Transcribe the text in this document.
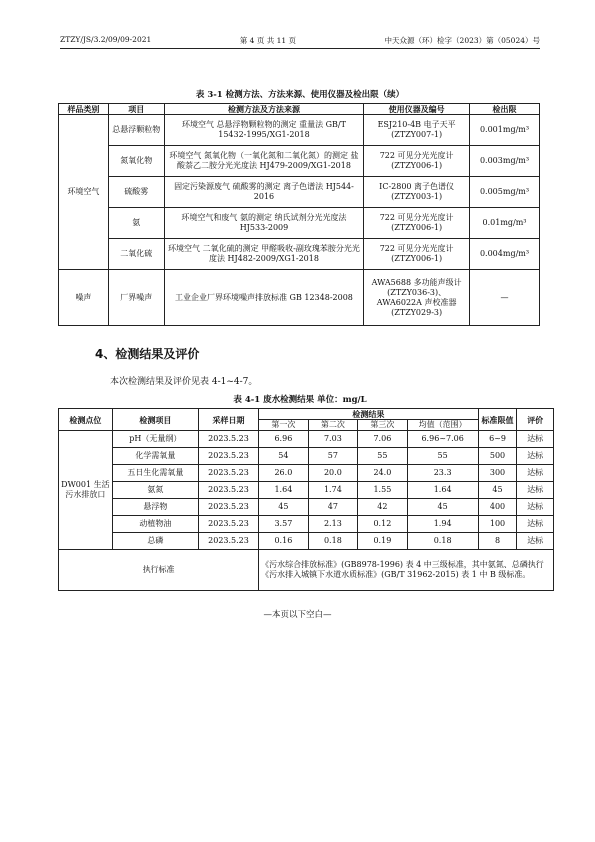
ZTZY/JS/3.2/09/09-2021	第 4 页 共 11 页	中天众源（环）检字（2023）第（05024）号
表 3-1 检测方法、方法来源、使用仪器及检出限（续）
样品类别	项目	检测方法及方法来源	使用仪器及编号	检出限
环境空气	总悬浮颗粒物	环境空气 总悬浮物颗粒物的测定 重量法 GB/T 15432-1995/XG1-2018	ESJ210-4B 电子天平 (ZTZY007-1)	0.001mg/m³
	氮氧化物	环境空气 氮氧化物（一氧化氮和二氧化氮）的测定 盐酸萘乙二胺分光光度法 HJ479-2009/XG1-2018	722 可见分光光度计 (ZTZY006-1)	0.003mg/m³
	硫酸雾	固定污染源废气 硫酸雾的测定 离子色谱法 HJ544-2016	IC-2800 离子色谱仪 (ZTZY003-1)	0.005mg/m³
	氨	环境空气和废气 氨的测定 纳氏试剂分光光度法 HJ533-2009	722 可见分光光度计 (ZTZY006-1)	0.01mg/m³
	二氧化硫	环境空气 二氧化硫的测定 甲醛吸收-副玫瑰苯胺分光光度法 HJ482-2009/XG1-2018	722 可见分光光度计 (ZTZY006-1)	0.004mg/m³
噪声	厂界噪声	工业企业厂界环境噪声排放标准 GB 12348-2008	AWA5688 多功能声级计 (ZTZY036-3)、AWA6022A 声校准器 (ZTZY029-3)	—
4、检测结果及评价
本次检测结果及评价见表 4-1~4-7。
表 4-1 废水检测结果 单位：mg/L
检测点位	检测项目	采样日期	检测结果				标准限值	评价
			第一次	第二次	第三次	均值（范围）		
DW001 生活污水排放口	pH（无量纲）	2023.5.23	6.96	7.03	7.06	6.96~7.06	6~9	达标
	化学需氧量	2023.5.23	54	57	55	55	500	达标
	五日生化需氧量	2023.5.23	26.0	20.0	24.0	23.3	300	达标
	氨氮	2023.5.23	1.64	1.74	1.55	1.64	45	达标
	悬浮物	2023.5.23	45	47	42	45	400	达标
	动植物油	2023.5.23	3.57	2.13	0.12	1.94	100	达标
	总磷	2023.5.23	0.16	0.18	0.19	0.18	8	达标
执行标准			《污水综合排放标准》(GB8978-1996) 表 4 中三级标准，其中氨氮、总磷执行《污水排入城镇下水道水质标准》(GB/T 31962-2015) 表 1 中 B 级标准。					
—本页以下空白—
